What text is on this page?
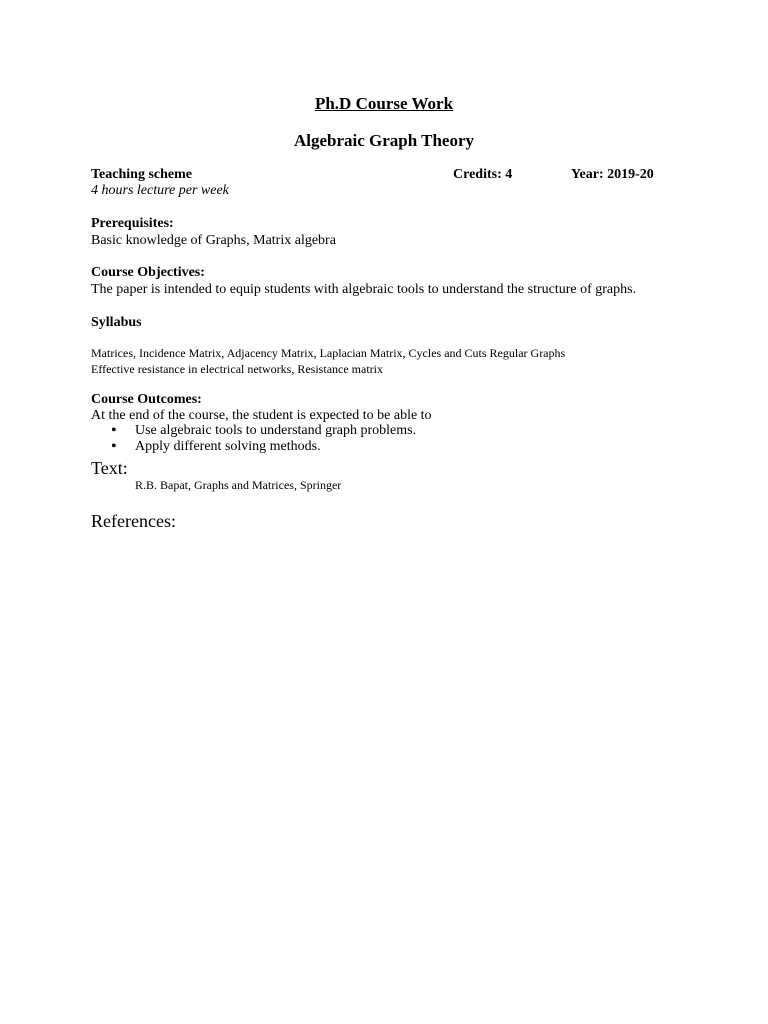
Ph.D Course Work
Algebraic Graph Theory
Teaching scheme	Credits: 4	Year: 2019-20
4 hours lecture per week
Prerequisites:
Basic knowledge of Graphs, Matrix algebra
Course Objectives:
The paper is intended to equip students with algebraic tools to understand the structure of graphs.
Syllabus
Matrices, Incidence Matrix, Adjacency Matrix, Laplacian Matrix, Cycles and Cuts Regular Graphs
Effective resistance in electrical networks, Resistance matrix
Course Outcomes:
At the end of the course, the student is expected to be able to
• Use algebraic tools to understand graph problems.
• Apply different solving methods.
Text:
R.B. Bapat, Graphs and Matrices, Springer
References:
